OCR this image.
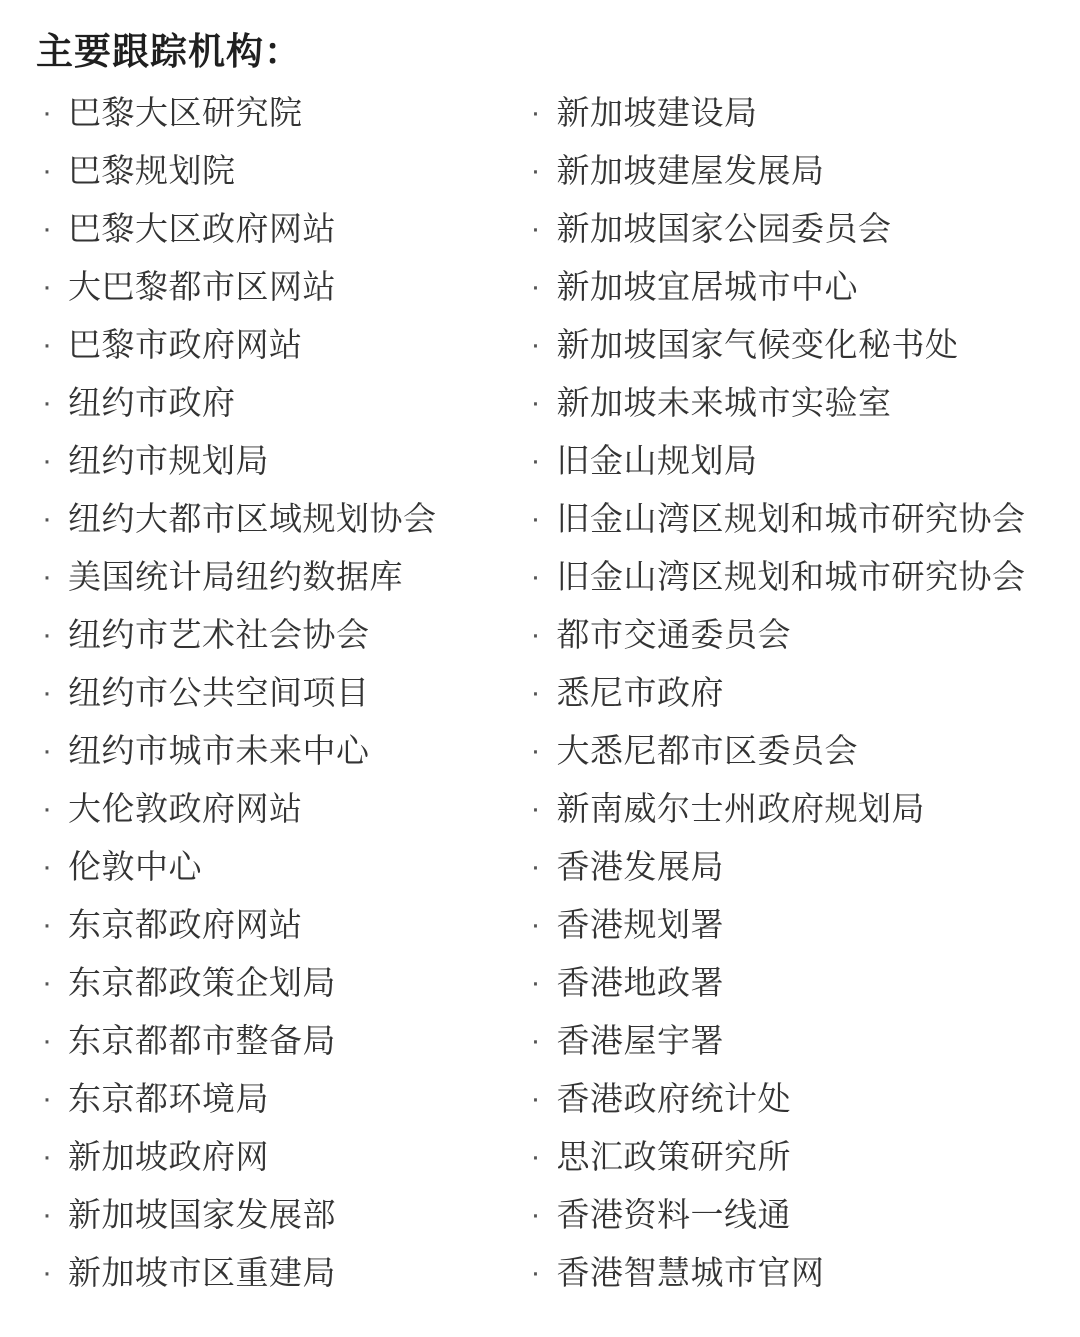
主要跟踪机构：
· 巴黎大区研究院
· 巴黎规划院
· 巴黎大区政府网站
· 大巴黎都市区网站
· 巴黎市政府网站
· 纽约市政府
· 纽约市规划局
· 纽约大都市区域规划协会
· 美国统计局纽约数据库
· 纽约市艺术社会协会
· 纽约市公共空间项目
· 纽约市城市未来中心
· 大伦敦政府网站
· 伦敦中心
· 东京都政府网站
· 东京都政策企划局
· 东京都都市整备局
· 东京都环境局
· 新加坡政府网
· 新加坡国家发展部
· 新加坡市区重建局
· 新加坡建设局
· 新加坡建屋发展局
· 新加坡国家公园委员会
· 新加坡宜居城市中心
· 新加坡国家气候变化秘书处
· 新加坡未来城市实验室
· 旧金山规划局
· 旧金山湾区规划和城市研究协会
· 旧金山湾区规划和城市研究协会
· 都市交通委员会
· 悉尼市政府
· 大悉尼都市区委员会
· 新南威尔士州政府规划局
· 香港发展局
· 香港规划署
· 香港地政署
· 香港屋宇署
· 香港政府统计处
· 思汇政策研究所
· 香港资料一线通
· 香港智慧城市官网
